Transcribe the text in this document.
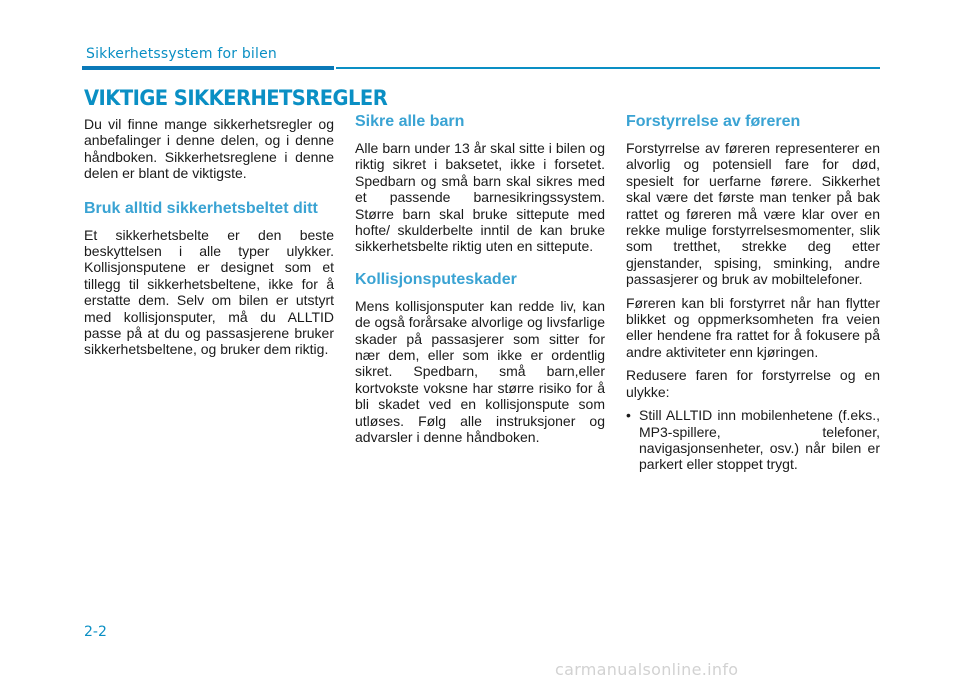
Sikkerhetssystem for bilen
VIKTIGE SIKKERHETSREGLER

Du vil finne mange sikkerhetsregler og anbefalinger i denne delen, og i denne håndboken. Sikkerhetsreglene i denne delen er blant de viktigste.

Bruk alltid sikkerhetsbeltet ditt

Et sikkerhetsbelte er den beste beskyttelsen i alle typer ulykker. Kollisjonsputene er designet som et tillegg til sikkerhetsbeltene, ikke for å erstatte dem. Selv om bilen er utstyrt med kollisjonsputer, må du ALLTID passe på at du og passasjerene bruker sikkerhetsbeltene, og bruker dem riktig.

Sikre alle barn

Alle barn under 13 år skal sitte i bilen og riktig sikret i baksetet, ikke i forsetet. Spedbarn og små barn skal sikres med et passende barnesikringssystem. Større barn skal bruke sittepute med hofte/ skulderbelte inntil de kan bruke sikkerhetsbelte riktig uten en sittepute.

Kollisjonsputeskader

Mens kollisjonsputer kan redde liv, kan de også forårsake alvorlige og livsfarlige skader på passasjerer som sitter for nær dem, eller som ikke er ordentlig sikret. Spedbarn, små barn,eller kortvokste voksne har større risiko for å bli skadet ved en kollisjonspute som utløses. Følg alle instruksjoner og advarsler i denne håndboken.

Forstyrrelse av føreren

Forstyrrelse av føreren representerer en alvorlig og potensiell fare for død, spesielt for uerfarne førere. Sikkerhet skal være det første man tenker på bak rattet og føreren må være klar over en rekke mulige forstyrrelsesmomenter, slik som tretthet, strekke deg etter gjenstander, spising, sminking, andre passasjerer og bruk av mobiltelefoner.

Føreren kan bli forstyrret når han flytter blikket og oppmerksomheten fra veien eller hendene fra rattet for å fokusere på andre aktiviteter enn kjøringen.

Redusere faren for forstyrrelse og en ulykke:

• Still ALLTID inn mobilenhetene (f.eks., MP3-spillere, telefoner, navigasjonsenheter, osv.) når bilen er parkert eller stoppet trygt.
2-2
carmanualsonline.info
